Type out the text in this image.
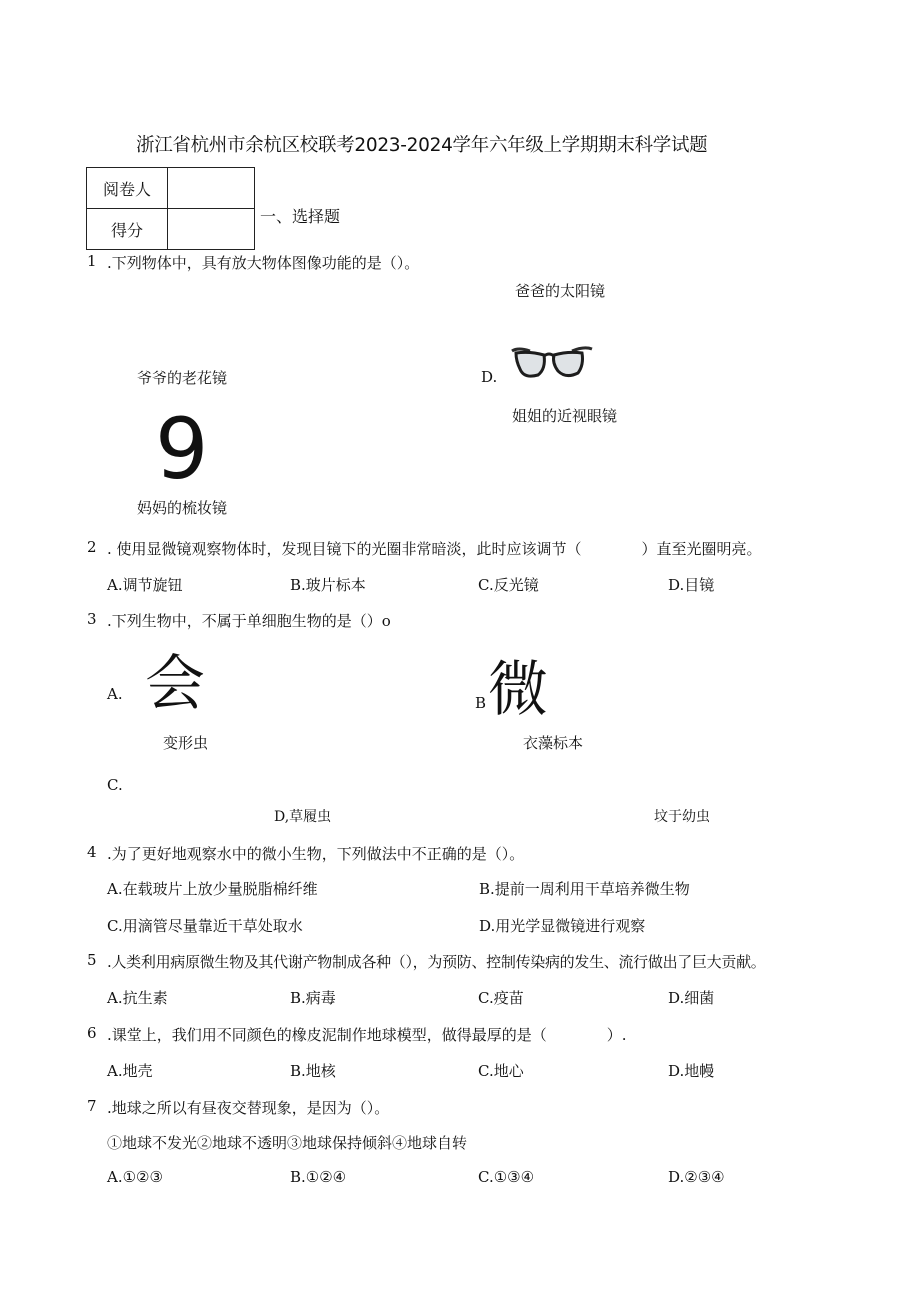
浙江省杭州市余杭区校联考2023-2024学年六年级上学期期末科学试题
阅卷人	
得分	
一、选择题
1 .下列物体中，具有放大物体图像功能的是（）。
爸爸的太阳镜
爷爷的老花镜	D.
姐姐的近视眼镜
9
妈妈的梳妆镜
2 . 使用显微镜观察物体时，发现目镜下的光圈非常暗淡，此时应该调节（　　　　）直至光圈明亮。
A.调节旋钮	B.玻片标本	C.反光镜	D.目镜
3 .下列生物中，不属于单细胞生物的是（）o
A. 会	B 微
变形虫	衣藻标本
C.
D,草履虫	坟于幼虫
4 .为了更好地观察水中的微小生物，下列做法中不正确的是（）。
A.在载玻片上放少量脱脂棉纤维	B.提前一周利用干草培养微生物
C.用滴管尽量靠近干草处取水	D.用光学显微镜进行观察
5 .人类利用病原微生物及其代谢产物制成各种（），为预防、控制传染病的发生、流行做出了巨大贡献。
A.抗生素	B.病毒	C.疫苗	D.细菌
6 .课堂上，我们用不同颜色的橡皮泥制作地球模型，做得最厚的是（　　　　）.
A.地壳	B.地核	C.地心	D.地幔
7 .地球之所以有昼夜交替现象，是因为（）。
①地球不发光②地球不透明③地球保持倾斜④地球自转
A.①②③	B.①②④	C.①③④	D.②③④
